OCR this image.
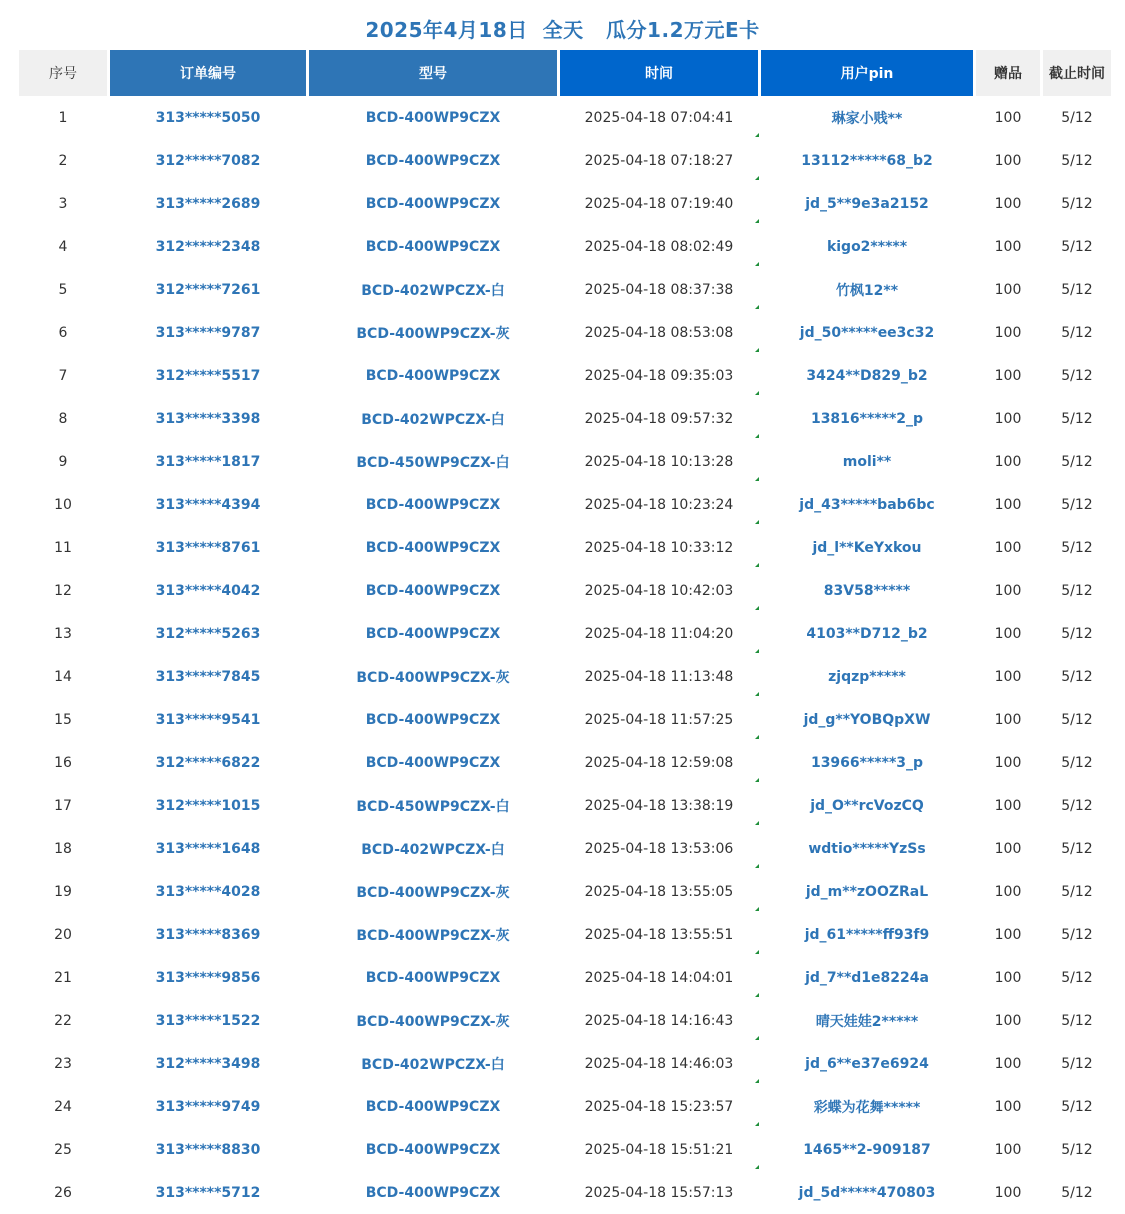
2025年4月18日  全天   瓜分1.2万元E卡
序号	订单编号	型号	时间	用户pin	赠品	截止时间
1	313*****5050	BCD-400WP9CZX	2025-04-18 07:04:41	琳家小贱**	100	5/12
2	312*****7082	BCD-400WP9CZX	2025-04-18 07:18:27	13112*****68_b2	100	5/12
3	313*****2689	BCD-400WP9CZX	2025-04-18 07:19:40	jd_5**9e3a2152	100	5/12
4	312*****2348	BCD-400WP9CZX	2025-04-18 08:02:49	kigo2*****	100	5/12
5	312*****7261	BCD-402WPCZX-白	2025-04-18 08:37:38	竹枫12**	100	5/12
6	313*****9787	BCD-400WP9CZX-灰	2025-04-18 08:53:08	jd_50*****ee3c32	100	5/12
7	312*****5517	BCD-400WP9CZX	2025-04-18 09:35:03	3424**D829_b2	100	5/12
8	313*****3398	BCD-402WPCZX-白	2025-04-18 09:57:32	13816*****2_p	100	5/12
9	313*****1817	BCD-450WP9CZX-白	2025-04-18 10:13:28	moli**	100	5/12
10	313*****4394	BCD-400WP9CZX	2025-04-18 10:23:24	jd_43*****bab6bc	100	5/12
11	313*****8761	BCD-400WP9CZX	2025-04-18 10:33:12	jd_l**KeYxkou	100	5/12
12	313*****4042	BCD-400WP9CZX	2025-04-18 10:42:03	83V58*****	100	5/12
13	312*****5263	BCD-400WP9CZX	2025-04-18 11:04:20	4103**D712_b2	100	5/12
14	313*****7845	BCD-400WP9CZX-灰	2025-04-18 11:13:48	zjqzp*****	100	5/12
15	313*****9541	BCD-400WP9CZX	2025-04-18 11:57:25	jd_g**YOBQpXW	100	5/12
16	312*****6822	BCD-400WP9CZX	2025-04-18 12:59:08	13966*****3_p	100	5/12
17	312*****1015	BCD-450WP9CZX-白	2025-04-18 13:38:19	jd_O**rcVozCQ	100	5/12
18	313*****1648	BCD-402WPCZX-白	2025-04-18 13:53:06	wdtio*****YzSs	100	5/12
19	313*****4028	BCD-400WP9CZX-灰	2025-04-18 13:55:05	jd_m**zOOZRaL	100	5/12
20	313*****8369	BCD-400WP9CZX-灰	2025-04-18 13:55:51	jd_61*****ff93f9	100	5/12
21	313*****9856	BCD-400WP9CZX	2025-04-18 14:04:01	jd_7**d1e8224a	100	5/12
22	313*****1522	BCD-400WP9CZX-灰	2025-04-18 14:16:43	晴天娃娃2*****	100	5/12
23	312*****3498	BCD-402WPCZX-白	2025-04-18 14:46:03	jd_6**e37e6924	100	5/12
24	313*****9749	BCD-400WP9CZX	2025-04-18 15:23:57	彩蝶为花舞*****	100	5/12
25	313*****8830	BCD-400WP9CZX	2025-04-18 15:51:21	1465**2-909187	100	5/12
26	313*****5712	BCD-400WP9CZX	2025-04-18 15:57:13	jd_5d*****470803	100	5/12
